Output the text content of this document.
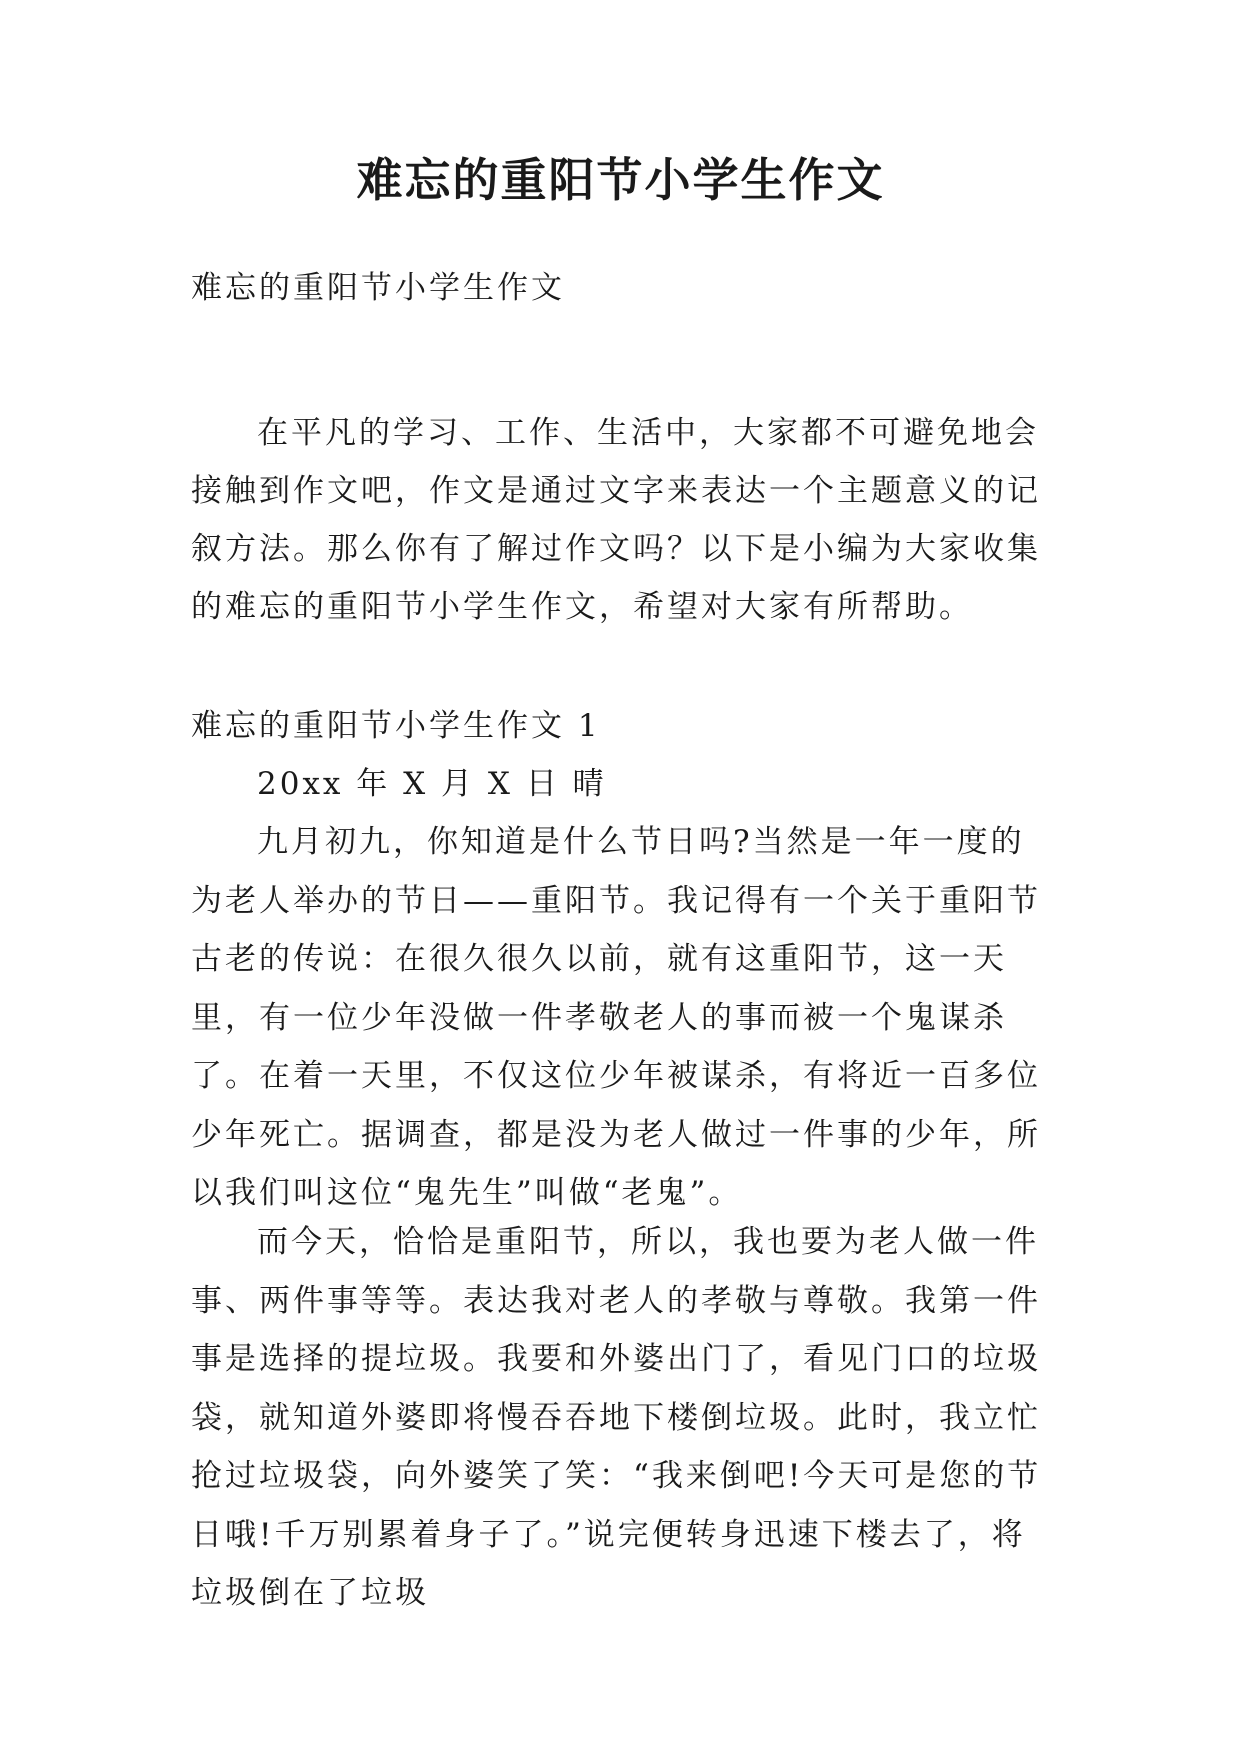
难忘的重阳节小学生作文

难忘的重阳节小学生作文

在平凡的学习、工作、生活中，大家都不可避免地会接触到作文吧，作文是通过文字来表达一个主题意义的记叙方法。那么你有了解过作文吗？以下是小编为大家收集的难忘的重阳节小学生作文，希望对大家有所帮助。

难忘的重阳节小学生作文 1

20xx 年 X 月 X 日 晴

九月初九，你知道是什么节日吗?当然是一年一度的为老人举办的节日——重阳节。我记得有一个关于重阳节古老的传说：在很久很久以前，就有这重阳节，这一天里，有一位少年没做一件孝敬老人的事而被一个鬼谋杀了。在着一天里，不仅这位少年被谋杀，有将近一百多位少年死亡。据调查，都是没为老人做过一件事的少年，所以我们叫这位“鬼先生”叫做“老鬼”。

而今天，恰恰是重阳节，所以，我也要为老人做一件事、两件事等等。表达我对老人的孝敬与尊敬。我第一件事是选择的提垃圾。我要和外婆出门了，看见门口的垃圾袋，就知道外婆即将慢吞吞地下楼倒垃圾。此时，我立忙抢过垃圾袋，向外婆笑了笑：“我来倒吧!今天可是您的节日哦!千万别累着身子了。”说完便转身迅速下楼去了，将垃圾倒在了垃圾
